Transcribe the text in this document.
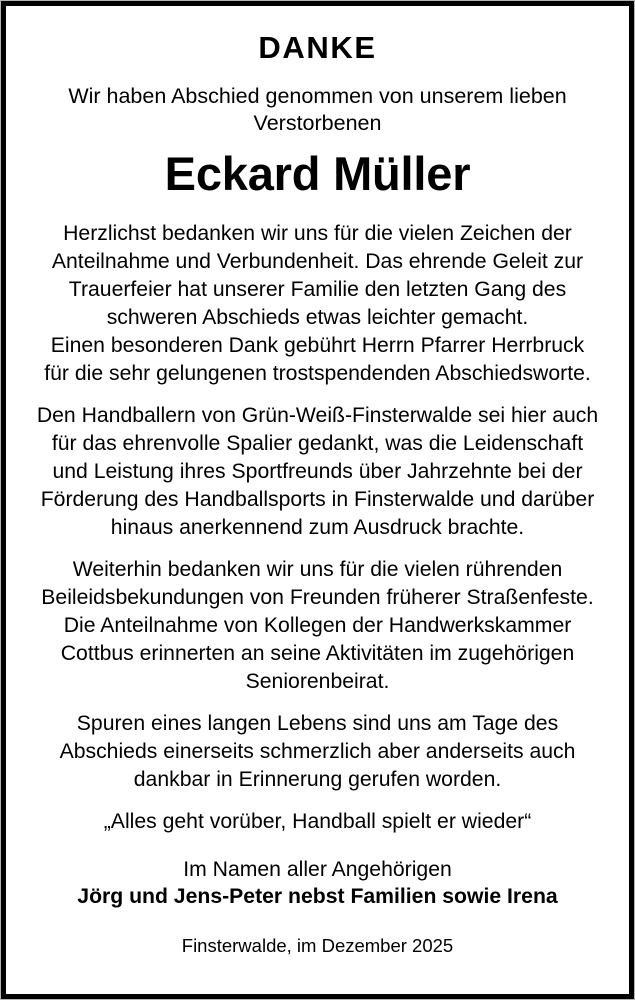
DANKE
Wir haben Abschied genommen von unserem lieben
Verstorbenen
Eckard Müller

Herzlichst bedanken wir uns für die vielen Zeichen der Anteilnahme und Verbundenheit. Das ehrende Geleit zur Trauerfeier hat unserer Familie den letzten Gang des schweren Abschieds etwas leichter gemacht.
Einen besonderen Dank gebührt Herrn Pfarrer Herrbruck für die sehr gelungenen trostspendenden Abschiedsworte.

Den Handballern von Grün-Weiß-Finsterwalde sei hier auch für das ehrenvolle Spalier gedankt, was die Leidenschaft und Leistung ihres Sportfreunds über Jahrzehnte bei der Förderung des Handballsports in Finsterwalde und darüber hinaus anerkennend zum Ausdruck brachte.

Weiterhin bedanken wir uns für die vielen rührenden Beileidsbekundungen von Freunden früherer Straßenfeste. Die Anteilnahme von Kollegen der Handwerkskammer Cottbus erinnerten an seine Aktivitäten im zugehörigen Seniorenbeirat.

Spuren eines langen Lebens sind uns am Tage des Abschieds einerseits schmerzlich aber anderseits auch dankbar in Erinnerung gerufen worden.

„Alles geht vorüber, Handball spielt er wieder“
Im Namen aller Angehörigen
Jörg und Jens-Peter nebst Familien sowie Irena
Finsterwalde, im Dezember 2025
